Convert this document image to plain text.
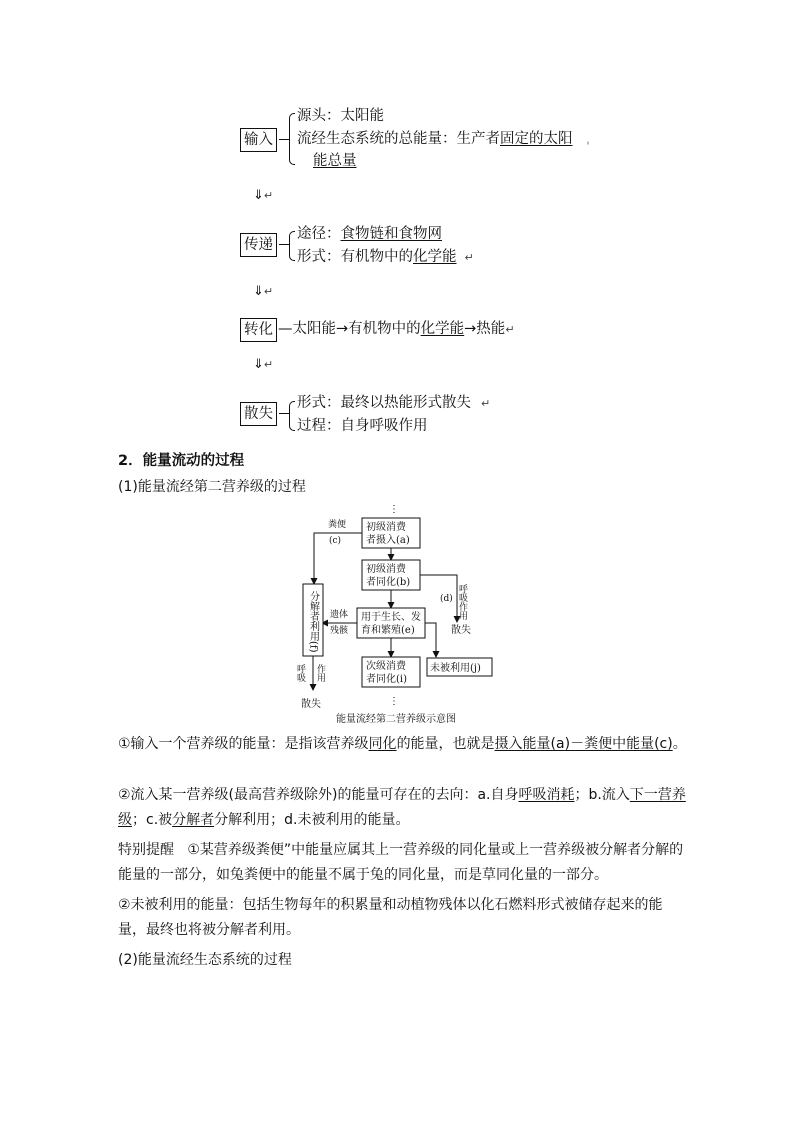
输入
源头：太阳能
流经生态系统的总能量：生产者固定的太阳 ˌ
能总量
⇓↵
传递
途径：食物链和食物网
形式：有机物中的化学能 ↵
⇓↵
转化 —太阳能→有机物中的化学能→热能↵
⇓↵
散失
形式：最终以热能形式散失 ↵
过程：自身呼吸作用
2．能量流动的过程
(1)能量流经第二营养级的过程
⋮
初级消费
者摄入(a)
粪便
(c)
初级消费
者同化(b)
(d) 呼吸作用
散失
用于生长、发
育和繁殖(e)
遗体
残骸
分解者利用(f)
呼吸 作用
散失
未被利用(j)
次级消费
者同化(i)
⋮
能量流经第二营养级示意图
①输入一个营养级的能量：是指该营养级同化的能量，也就是摄入能量(a)－粪便中能量(c)。
②流入某一营养级(最高营养级除外)的能量可存在的去向：a.自身呼吸消耗；b.流入下一营养级；c.被分解者分解利用；d.未被利用的能量。
特别提醒 ①某营养级粪便”中能量应属其上一营养级的同化量或上一营养级被分解者分解的能量的一部分，如兔粪便中的能量不属于兔的同化量，而是草同化量的一部分。
②未被利用的能量：包括生物每年的积累量和动植物残体以化石燃料形式被储存起来的能量，最终也将被分解者利用。
(2)能量流经生态系统的过程
